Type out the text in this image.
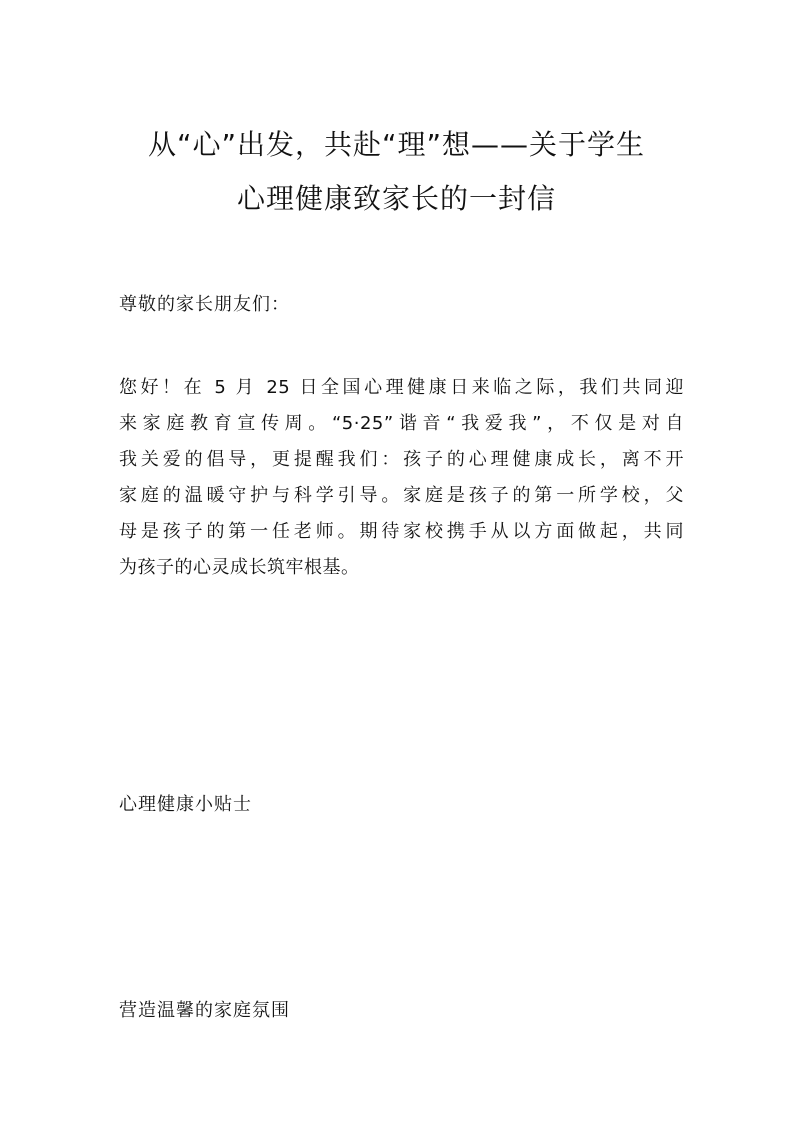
从“心”出发，共赴“理”想——关于学生
心理健康致家长的一封信

尊敬的家长朋友们：

您好！在 5 月 25 日全国心理健康日来临之际，我们共同迎
来家庭教育宣传周。“5·25”谐音“我爱我”，不仅是对自
我关爱的倡导，更提醒我们：孩子的心理健康成长，离不开
家庭的温暖守护与科学引导。家庭是孩子的第一所学校，父
母是孩子的第一任老师。期待家校携手从以方面做起，共同
为孩子的心灵成长筑牢根基。
心理健康小贴士
营造温馨的家庭氛围
